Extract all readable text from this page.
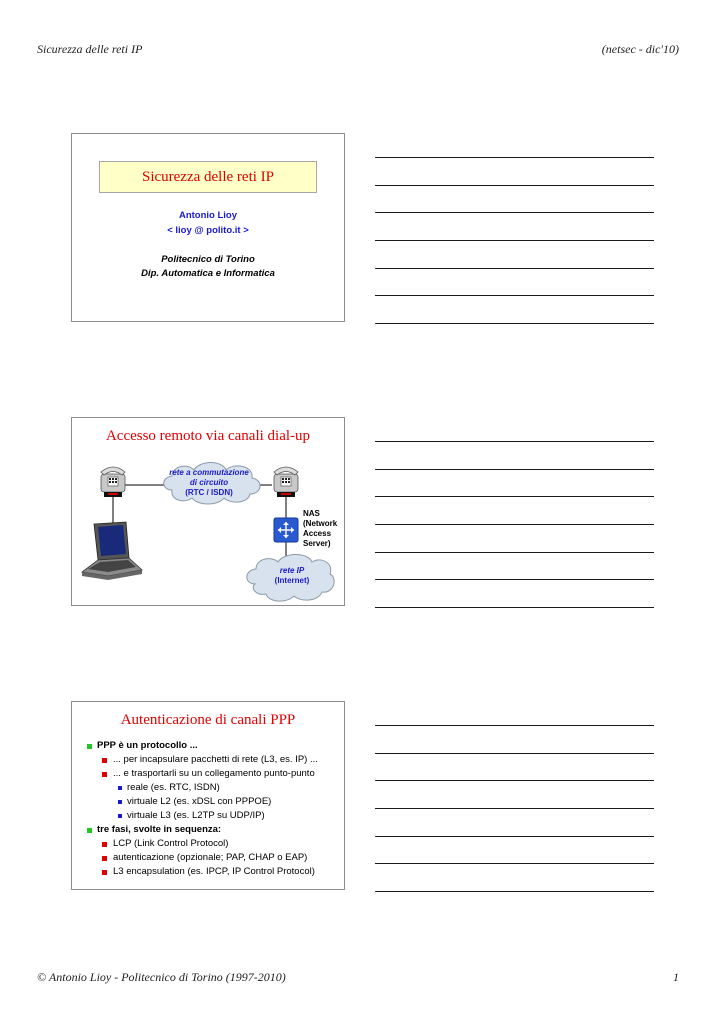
Sicurezza delle reti IP	(netsec - dic'10)
Sicurezza delle reti IP
Antonio Lioy
< lioy @ polito.it >
Politecnico di Torino
Dip. Automatica e Informatica
Accesso remoto via canali dial-up
rete a commutazione
di circuito
(RTC / ISDN)
NAS
(Network
Access
Server)
rete IP
(Internet)
Autenticazione di canali PPP
PPP è un protocollo ...
... per incapsulare pacchetti di rete (L3, es. IP) ...
... e trasportarli su un collegamento punto-punto
reale (es. RTC, ISDN)
virtuale L2 (es. xDSL con PPPOE)
virtuale L3 (es. L2TP su UDP/IP)
tre fasi, svolte in sequenza:
LCP (Link Control Protocol)
autenticazione (opzionale; PAP, CHAP o EAP)
L3 encapsulation (es. IPCP, IP Control Protocol)
© Antonio Lioy - Politecnico di Torino (1997-2010)	1
